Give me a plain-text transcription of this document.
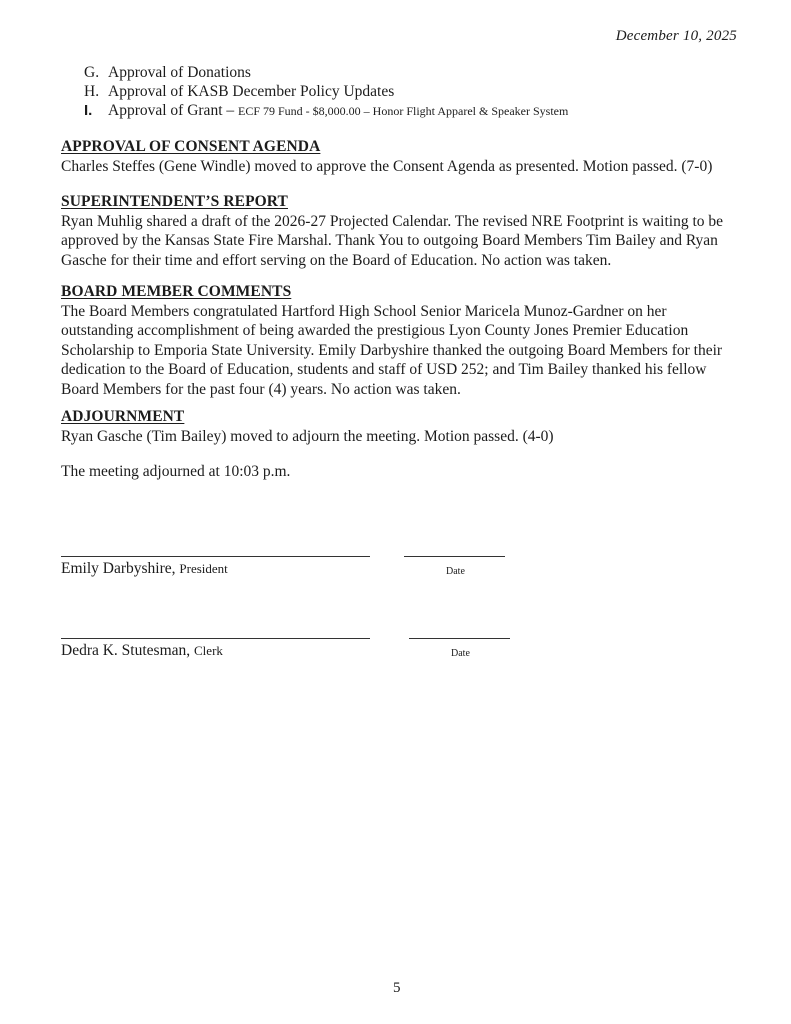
December 10, 2025
G. Approval of Donations
H. Approval of KASB December Policy Updates
I. Approval of Grant – ECF 79 Fund - $8,000.00 – Honor Flight Apparel & Speaker System
APPROVAL OF CONSENT AGENDA

Charles Steffes (Gene Windle) moved to approve the Consent Agenda as presented. Motion passed. (7-0)

SUPERINTENDENT’S REPORT

Ryan Muhlig shared a draft of the 2026-27 Projected Calendar. The revised NRE Footprint is waiting to be approved by the Kansas State Fire Marshal. Thank You to outgoing Board Members Tim Bailey and Ryan Gasche for their time and effort serving on the Board of Education. No action was taken.

BOARD MEMBER COMMENTS

The Board Members congratulated Hartford High School Senior Maricela Munoz-Gardner on her outstanding accomplishment of being awarded the prestigious Lyon County Jones Premier Education Scholarship to Emporia State University. Emily Darbyshire thanked the outgoing Board Members for their dedication to the Board of Education, students and staff of USD 252; and Tim Bailey thanked his fellow Board Members for the past four (4) years. No action was taken.

ADJOURNMENT

Ryan Gasche (Tim Bailey) moved to adjourn the meeting. Motion passed. (4-0)

The meeting adjourned at 10:03 p.m.

Emily Darbyshire, President	Date
Dedra K. Stutesman, Clerk	Date
5
